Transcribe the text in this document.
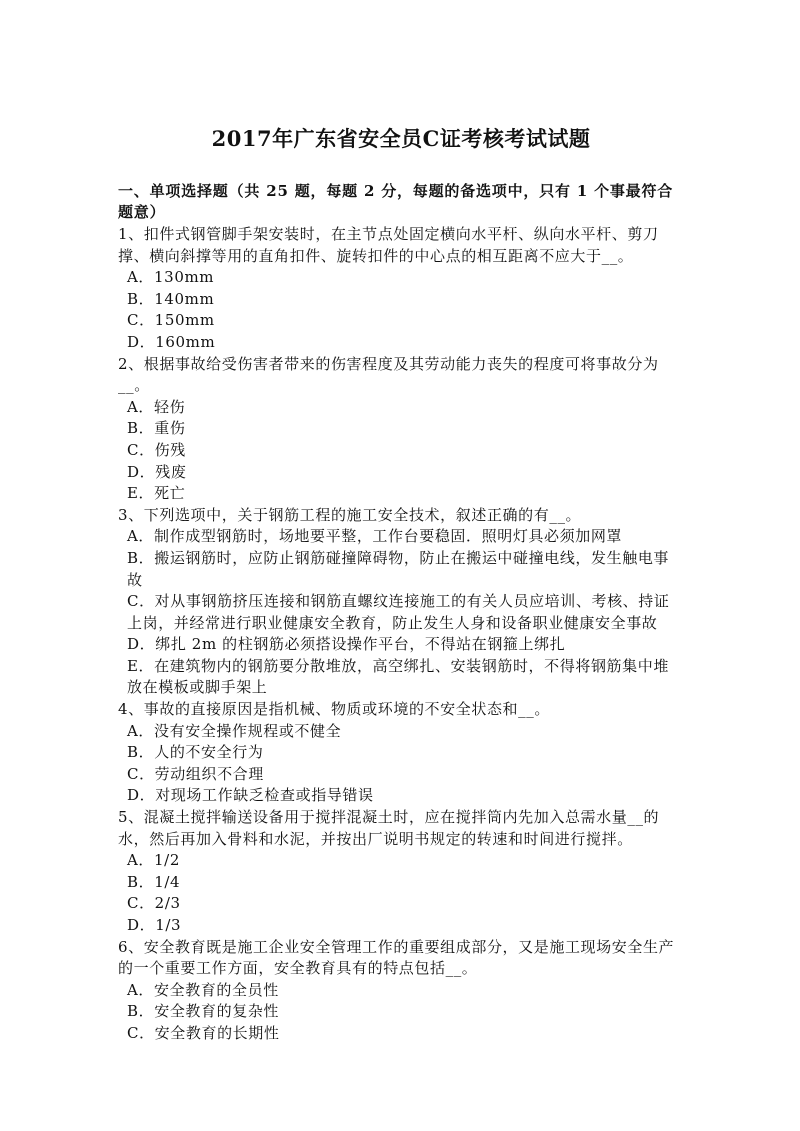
2017年广东省安全员C证考核考试试题
一、单项选择题（共 25 题，每题 2 分，每题的备选项中，只有 1 个事最符合题意）

1、扣件式钢管脚手架安装时，在主节点处固定横向水平杆、纵向水平杆、剪刀撑、横向斜撑等用的直角扣件、旋转扣件的中心点的相互距离不应大于__。

A．130mm

B．140mm

C．150mm

D．160mm

2、根据事故给受伤害者带来的伤害程度及其劳动能力丧失的程度可将事故分为__。

A．轻伤

B．重伤

C．伤残

D．残废

E．死亡

3、下列选项中，关于钢筋工程的施工安全技术，叙述正确的有__。

A．制作成型钢筋时，场地要平整，工作台要稳固．照明灯具必须加网罩

B．搬运钢筋时，应防止钢筋碰撞障碍物，防止在搬运中碰撞电线，发生触电事故

C．对从事钢筋挤压连接和钢筋直螺纹连接施工的有关人员应培训、考核、持证上岗，并经常进行职业健康安全教育，防止发生人身和设备职业健康安全事故

D．绑扎 2m 的柱钢筋必须搭设操作平台，不得站在钢箍上绑扎

E．在建筑物内的钢筋要分散堆放，高空绑扎、安装钢筋时，不得将钢筋集中堆放在模板或脚手架上

4、事故的直接原因是指机械、物质或环境的不安全状态和__。

A．没有安全操作规程或不健全

B．人的不安全行为

C．劳动组织不合理

D．对现场工作缺乏检查或指导错误

5、混凝土搅拌输送设备用于搅拌混凝土时，应在搅拌筒内先加入总需水量__的水，然后再加入骨料和水泥，并按出厂说明书规定的转速和时间进行搅拌。

A．1/2

B．1/4

C．2/3

D．1/3

6、安全教育既是施工企业安全管理工作的重要组成部分，又是施工现场安全生产的一个重要工作方面，安全教育具有的特点包括__。

A．安全教育的全员性

B．安全教育的复杂性

C．安全教育的长期性
